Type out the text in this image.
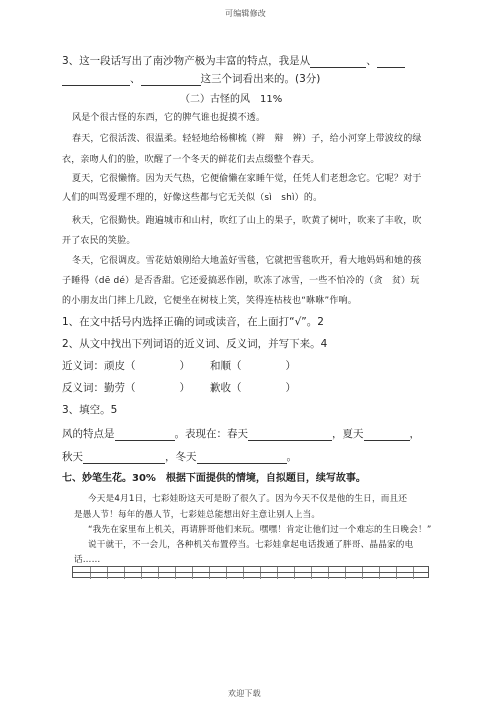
可编辑修改
3、这一段话写出了南沙物产极为丰富的特点，我是从	、
、	这三个词看出来的。(3分)
（二）古怪的风　11%
风是个很古怪的东西，它的脾气谁也捉摸不透。
春天，它很活泼、很温柔。轻轻地给杨柳梳（辫　辩　辨）子，给小河穿上带波纹的绿
衣，亲吻人们的脸，吹醒了一个冬天的鲜花们去点缀整个春天。
夏天，它很懒惰。因为天气热，它便偷懒在家睡午觉，任凭人们老想念它。它呢？对于
人们的叫骂爱理不理的，好像这些都与它无关似（sì　shì）的。
秋天，它很勤快。跑遍城市和山村，吹红了山上的果子，吹黄了树叶，吹来了丰收，吹
开了农民的笑脸。
冬天，它很调皮。雪花姑娘刚给大地盖好雪毯，它就把雪毯吹开，看大地妈妈和她的孩
子睡得（dē dé）是否香甜。它还爱搞恶作剧，吹冻了冰雪，一些不怕冷的（贪　贫）玩
的小朋友出门摔上几跤，它便坐在树枝上笑，笑得连枯枝也“咻咻”作响。
1、在文中括号内选择正确的词或读音，在上面打“√”。2
2、从文中找出下列词语的近义词、反义词，并写下来。4
近义词：顽皮（	） 和顺（	）
反义词：勤劳（	） 歉收（	）
3、填空。5
风的特点是	。表现在：春天	，夏天	，
秋天	，冬天	。
七、妙笔生花。30%　根据下面提供的情境，自拟题目，续写故事。
今天是4月1日，七彩娃盼这天可是盼了很久了。因为今天不仅是他的生日，而且还
是愚人节！每年的愚人节，七彩娃总能想出好主意让别人上当。
“我先在家里布上机关，再请胖哥他们来玩。嘿嘿！肯定让他们过一个难忘的生日晚会！”
说干就干，不一会儿，各种机关布置停当。七彩娃拿起电话拨通了胖哥、晶晶家的电
话……
欢迎下载
